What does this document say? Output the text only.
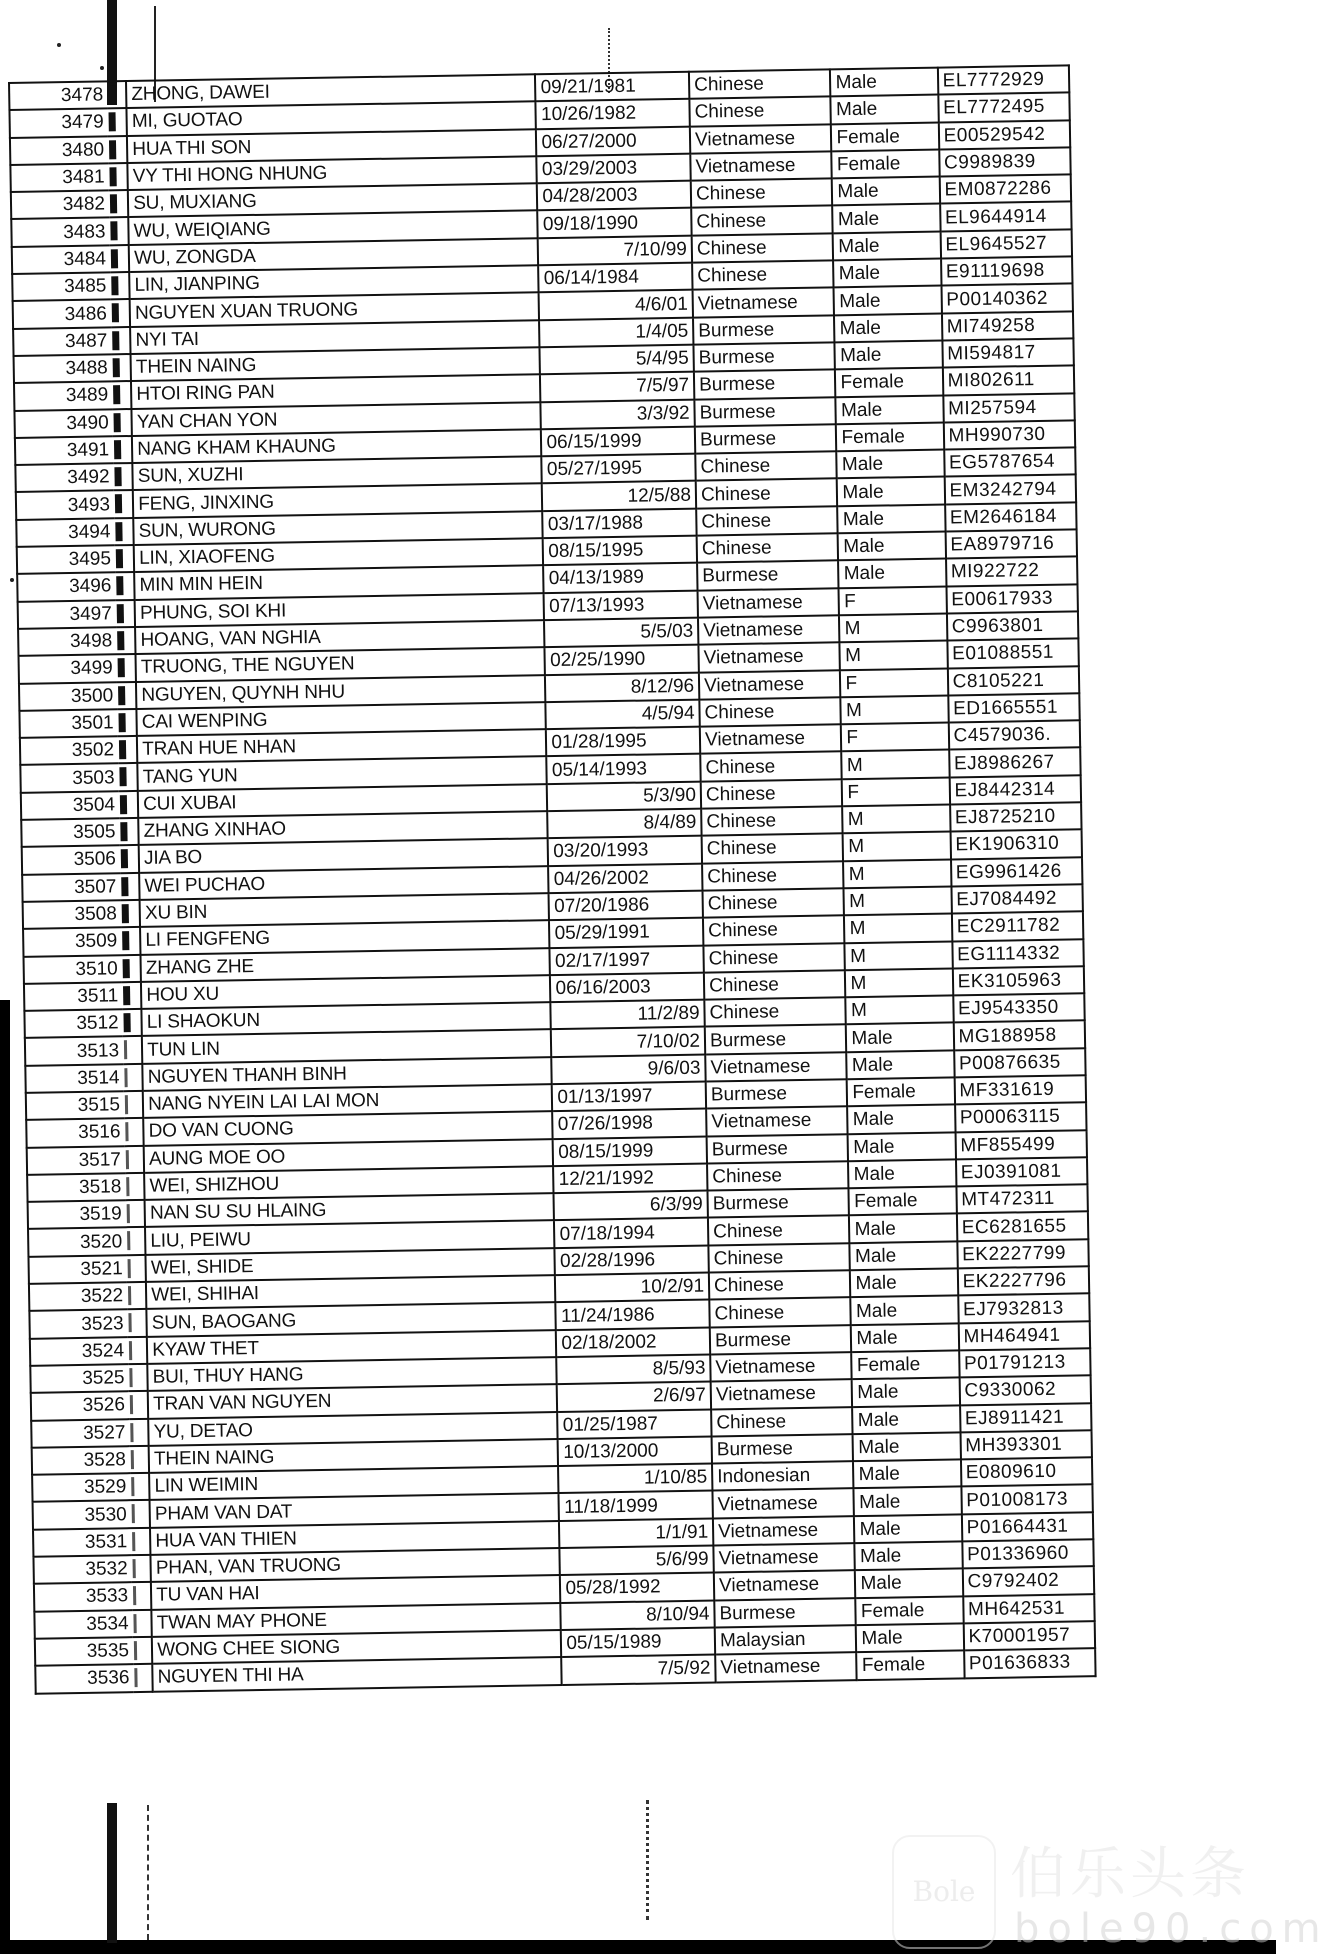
3478		ZHONG, DAWEI	09/21/1981	Chinese	Male	EL7772929
3479		MI, GUOTAO	10/26/1982	Chinese	Male	EL7772495
3480		HUA THI SON	06/27/2000	Vietnamese	Female	E00529542
3481		VY THI HONG NHUNG	03/29/2003	Vietnamese	Female	C9989839
3482		SU, MUXIANG	04/28/2003	Chinese	Male	EM0872286
3483		WU, WEIQIANG	09/18/1990	Chinese	Male	EL9644914
3484		WU, ZONGDA	7/10/99	Chinese	Male	EL9645527
3485		LIN, JIANPING	06/14/1984	Chinese	Male	E91119698
3486		NGUYEN XUAN TRUONG	4/6/01	Vietnamese	Male	P00140362
3487		NYI TAI	1/4/05	Burmese	Male	MI749258
3488		THEIN NAING	5/4/95	Burmese	Male	MI594817
3489		HTOI RING PAN	7/5/97	Burmese	Female	MI802611
3490		YAN CHAN YON	3/3/92	Burmese	Male	MI257594
3491		NANG KHAM KHAUNG	06/15/1999	Burmese	Female	MH990730
3492		SUN, XUZHI	05/27/1995	Chinese	Male	EG5787654
3493		FENG, JINXING	12/5/88	Chinese	Male	EM3242794
3494		SUN, WURONG	03/17/1988	Chinese	Male	EM2646184
3495		LIN, XIAOFENG	08/15/1995	Chinese	Male	EA8979716
3496		MIN MIN HEIN	04/13/1989	Burmese	Male	MI922722
3497		PHUNG, SOI KHI	07/13/1993	Vietnamese	F	E00617933
3498		HOANG, VAN NGHIA	5/5/03	Vietnamese	M	C9963801
3499		TRUONG, THE NGUYEN	02/25/1990	Vietnamese	M	E01088551
3500		NGUYEN, QUYNH NHU	8/12/96	Vietnamese	F	C8105221
3501		CAI WENPING	4/5/94	Chinese	M	ED1665551
3502		TRAN HUE NHAN	01/28/1995	Vietnamese	F	C4579036.
3503		TANG YUN	05/14/1993	Chinese	M	EJ8986267
3504		CUI XUBAI	5/3/90	Chinese	F	EJ8442314
3505		ZHANG XINHAO	8/4/89	Chinese	M	EJ8725210
3506		JIA BO	03/20/1993	Chinese	M	EK1906310
3507		WEI PUCHAO	04/26/2002	Chinese	M	EG9961426
3508		XU BIN	07/20/1986	Chinese	M	EJ7084492
3509		LI FENGFENG	05/29/1991	Chinese	M	EC2911782
3510		ZHANG ZHE	02/17/1997	Chinese	M	EG1114332
3511		HOU XU	06/16/2003	Chinese	M	EK3105963
3512		LI SHAOKUN	11/2/89	Chinese	M	EJ9543350
3513		TUN LIN	7/10/02	Burmese	Male	MG188958
3514		NGUYEN THANH BINH	9/6/03	Vietnamese	Male	P00876635
3515		NANG NYEIN LAI LAI MON	01/13/1997	Burmese	Female	MF331619
3516		DO VAN CUONG	07/26/1998	Vietnamese	Male	P00063115
3517		AUNG MOE OO	08/15/1999	Burmese	Male	MF855499
3518		WEI, SHIZHOU	12/21/1992	Chinese	Male	EJ0391081
3519		NAN SU SU HLAING	6/3/99	Burmese	Female	MT472311
3520		LIU, PEIWU	07/18/1994	Chinese	Male	EC6281655
3521		WEI, SHIDE	02/28/1996	Chinese	Male	EK2227799
3522		WEI, SHIHAI	10/2/91	Chinese	Male	EK2227796
3523		SUN, BAOGANG	11/24/1986	Chinese	Male	EJ7932813
3524		KYAW THET	02/18/2002	Burmese	Male	MH464941
3525		BUI, THUY HANG	8/5/93	Vietnamese	Female	P01791213
3526		TRAN VAN NGUYEN	2/6/97	Vietnamese	Male	C9330062
3527		YU, DETAO	01/25/1987	Chinese	Male	EJ8911421
3528		THEIN NAING	10/13/2000	Burmese	Male	MH393301
3529		LIN WEIMIN	1/10/85	Indonesian	Male	E0809610
3530		PHAM VAN DAT	11/18/1999	Vietnamese	Male	P01008173
3531		HUA VAN THIEN	1/1/91	Vietnamese	Male	P01664431
3532		PHAN, VAN TRUONG	5/6/99	Vietnamese	Male	P01336960
3533		TU VAN HAI	05/28/1992	Vietnamese	Male	C9792402
3534		TWAN MAY PHONE	8/10/94	Burmese	Female	MH642531
3535		WONG CHEE SIONG	05/15/1989	Malaysian	Male	K70001957
3536		NGUYEN THI HA	7/5/92	Vietnamese	Female	P01636833
Bole 伯乐头条
bole90.com
